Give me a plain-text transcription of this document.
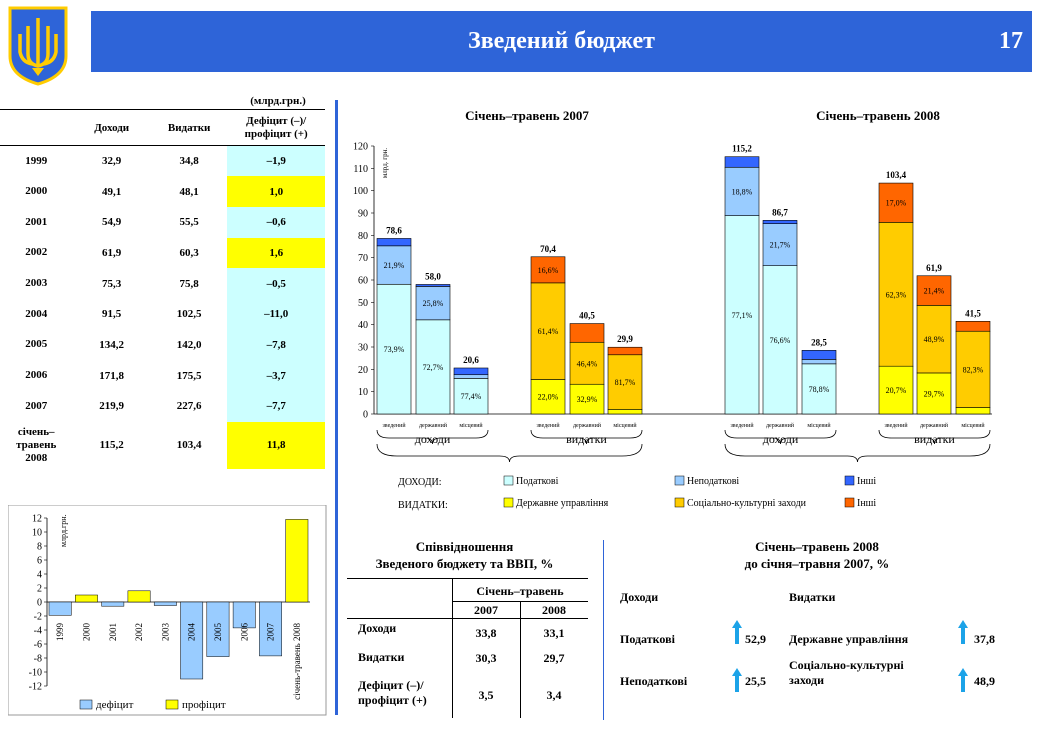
Зведений бюджет	17
(млрд.грн.)
	Доходи	Видатки	Дефіцит (–)/ профіцит (+)
1999	32,9	34,8	–1,9
2000	49,1	48,1	1,0
2001	54,9	55,5	–0,6
2002	61,9	60,3	1,6
2003	75,3	75,8	–0,5
2004	91,5	102,5	–11,0
2005	134,2	142,0	–7,8
2006	171,8	175,5	–3,7
2007	219,9	227,6	–7,7
січень– травень 2008	115,2	103,4	11,8
12
10
8
6
4
2
0
-2
-4
-6
-8
-10
-12
1999 2000 2001 2002 2003 2004 2005 2006 2007 січень-травень 2008
млрд.грн.
дефіцит	профіцит
Січень–травень 2007	Січень–травень 2008
млрд. грн.
0
10
20
30
40
50
60
70
80
90
100
110
120
73,9%
21,9%
78,6
зведений
72,7%
25,8%
58,0
державний
77,4%
20,6
місцевий
22,0%
61,4%
16,6%
70,4
зведений
32,9%
46,4%
40,5
державний
81,7%
29,9
місцевий
77,1%
18,8%
115,2
зведений
76,6%
21,7%
86,7
державний
78,8%
28,5
місцевий
20,7%
62,3%
17,0%
103,4
зведений
29,7%
48,9%
21,4%
61,9
державний
82,3%
41,5
місцевий
доходи	видатки	доходи	видатки
ДОХОДИ:
ВИДАТКИ:
Податкові	Неподаткові	Інші
Державне управління	Соціально-культурні заходи	Інші
Співвідношення
Зведеного бюджету та ВВП, %
Січень–травень
2007	2008
Доходи	33,8	33,1
Видатки	30,3	29,7
Дефіцит (–)/ профіцит (+)	3,5	3,4
Січень–травень 2008
до січня–травня 2007, %
Доходи	Видатки
Податкові	52,9
Неподаткові	25,5
Державне управління	37,8
Соціально-культурні заходи	48,9
